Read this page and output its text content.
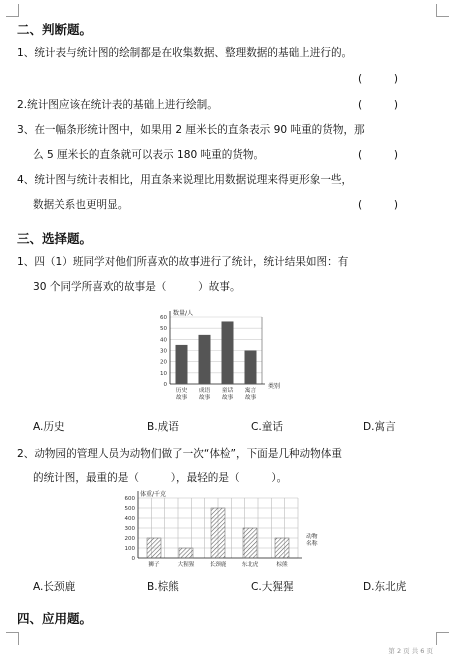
二、判断题。
1、统计表与统计图的绘制都是在收集数据、整理数据的基础上进行的。
(　　　)
2.统计图应该在统计表的基础上进行绘制。	(　　　)
3、在一幅条形统计图中，如果用 2 厘米长的直条表示 90 吨重的货物，那
么 5 厘米长的直条就可以表示 180 吨重的货物。	(　　　)
4、统计图与统计表相比，用直条来说理比用数据说理来得更形象一些，
数据关系也更明显。	(　　　)
三、选择题。
1、四（1）班同学对他们所喜欢的故事进行了统计，统计结果如图：有
30 个同学所喜欢的故事是（　　　）故事。
0
10
20
30
40
50
60
数量/人
类别
历史
故事
成语
故事
童话
故事
寓言
故事
A.历史	B.成语	C.童话	D.寓言
2、动物园的管理人员为动物们做了一次“体检”，下面是几种动物体重
的统计图，最重的是（　　　），最轻的是（　　　）。
0
100
200
300
400
500
600
体重/千克
动物
名称
狮子	大猩猩	长颈鹿	东北虎	棕熊
A.长颈鹿	B.棕熊	C.大猩猩	D.东北虎
四、应用题。
第 2 页 共 6 页
